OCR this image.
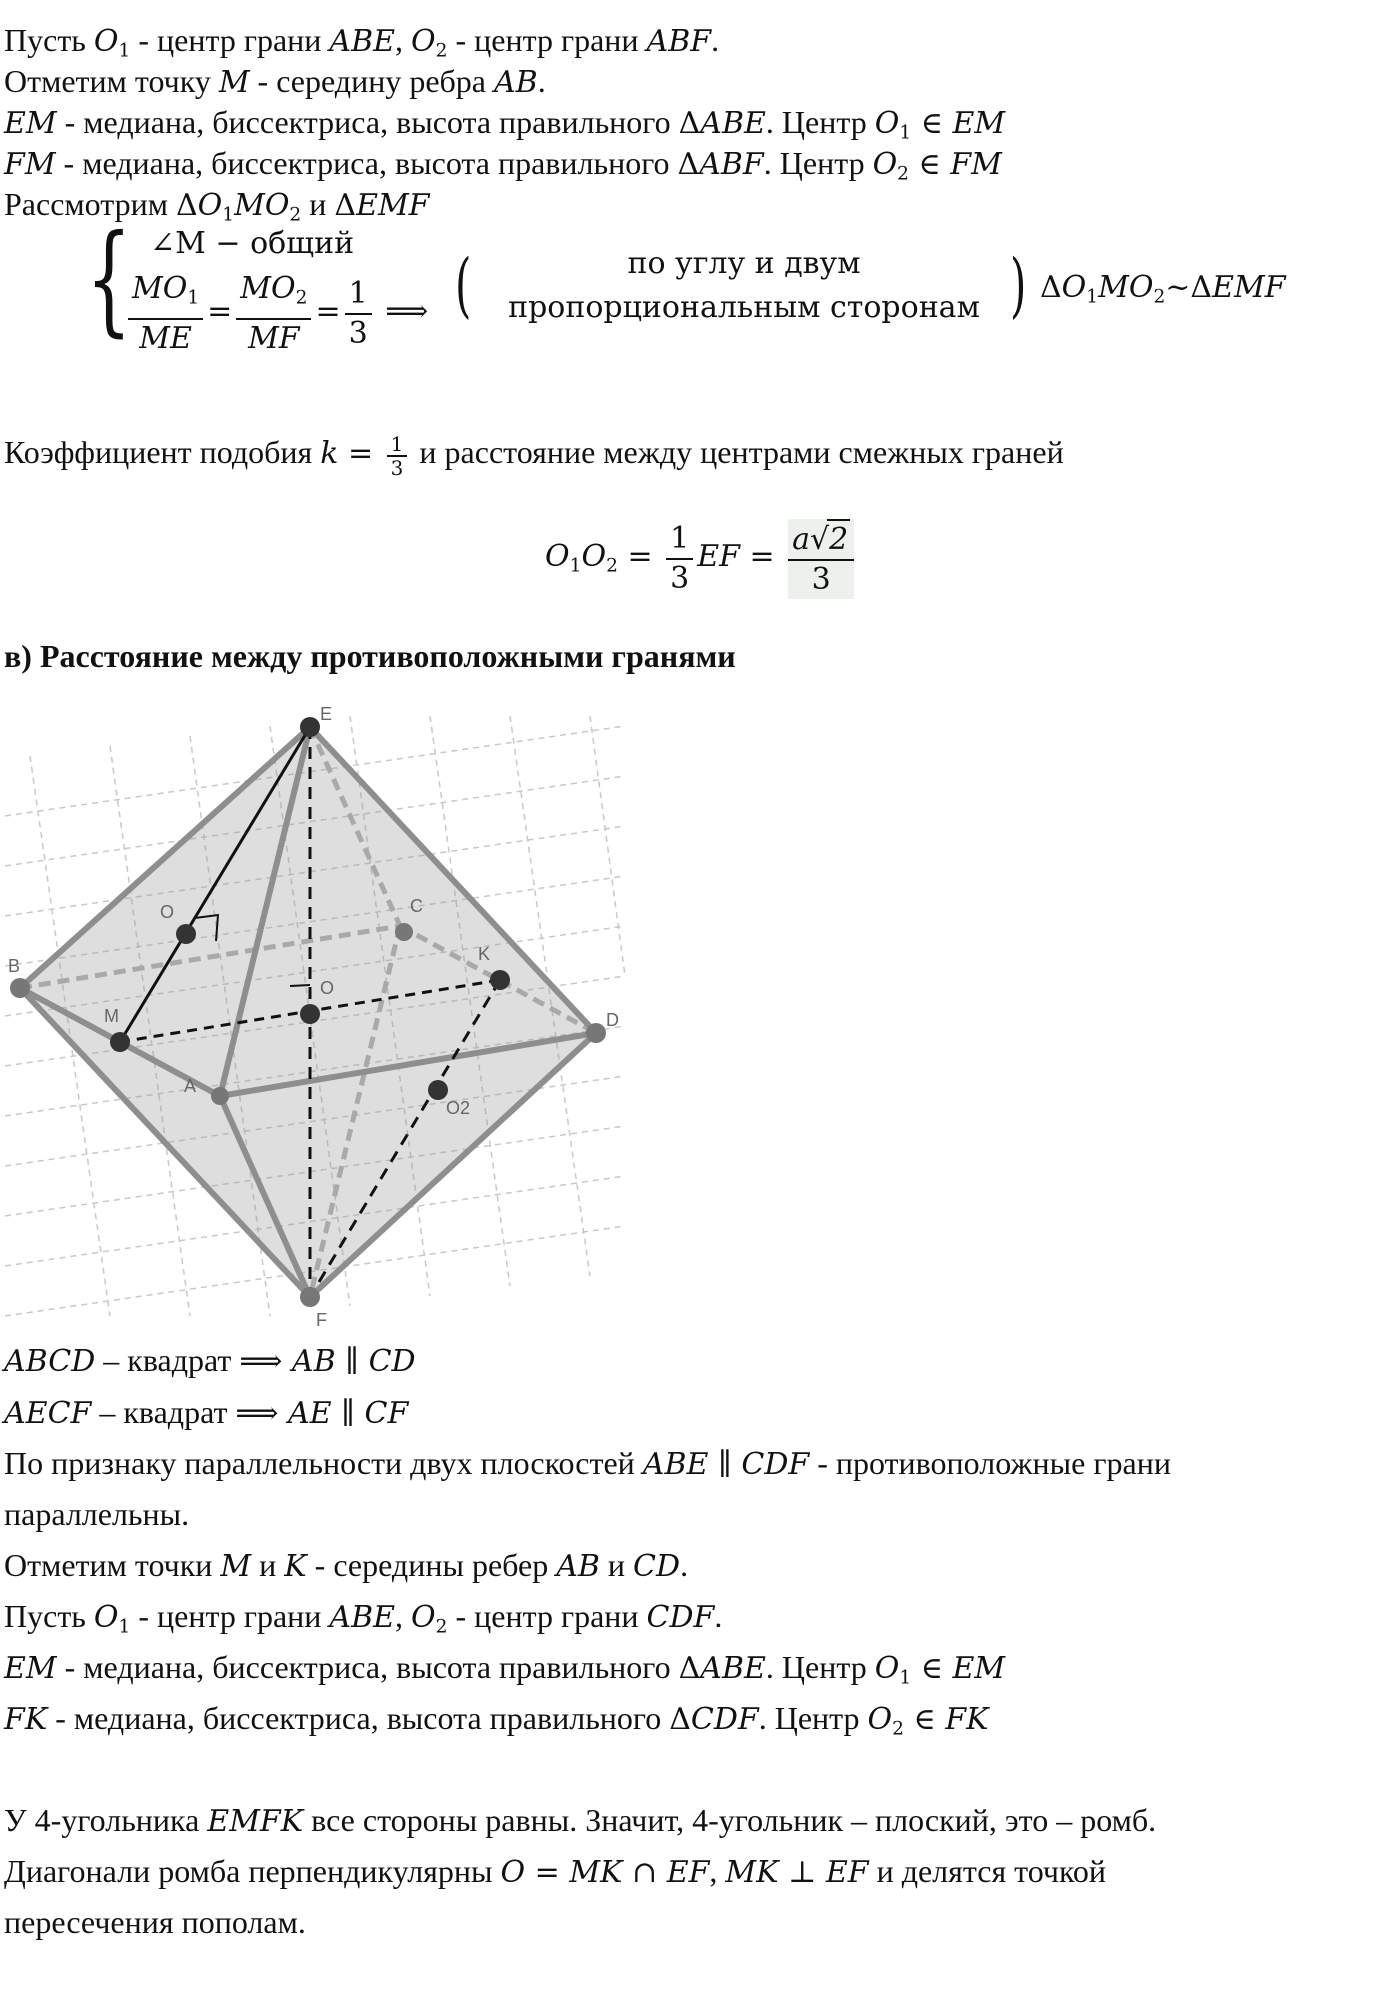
Пусть $O_1$ - центр грани ABE, $O_2$ - центр грани ABF.
Отметим точку M - середину ребра AB.
EM - медиана, биссектриса, высота правильного ΔABE. Центр $O_1$ ∈ EM
FM - медиана, биссектриса, высота правильного ΔABF. Центр $O_2$ ∈ FM
Рассмотрим $\Delta O_1MO_2$ и ΔEMF
{ ∠M − общий
$\frac{MO_1}{ME} = \frac{MO_2}{MF} = \frac{1}{3}$ ⟹ (	по углу и двум
пропорциональным сторонам ) $\Delta O_1MO_2\sim\Delta EMF$
Коэффициент подобия $k = \frac{1}{3}$ и расстояние между центрами смежных граней
$O_1O_2 = \frac{1}{3}$ EF = $\frac{a√2}{3}$
в) Расстояние между противоположными гранями
E
B
M
O	C
K
D
A
O
O2
F
ABCD – квадрат ⟹ AB ∥ CD
AECF – квадрат ⟹ AE ∥ CF
По признаку параллельности двух плоскостей ABE ∥ CDF - противоположные грани
параллельны.
Отметим точки M и K - середины ребер AB и CD.
Пусть $O_1$ - центр грани ABE, $O_2$ - центр грани CDF.
EM - медиана, биссектриса, высота правильного ΔABE. Центр $O_1$ ∈ EM
FK - медиана, биссектриса, высота правильного ΔCDF. Центр $O_2$ ∈ FK
У 4-угольника EMFK все стороны равны. Значит, 4-угольник – плоский, это – ромб.
Диагонали ромба перпендикулярны O = MK ∩ EF, MK ⊥ EF и делятся точкой
пересечения пополам.
